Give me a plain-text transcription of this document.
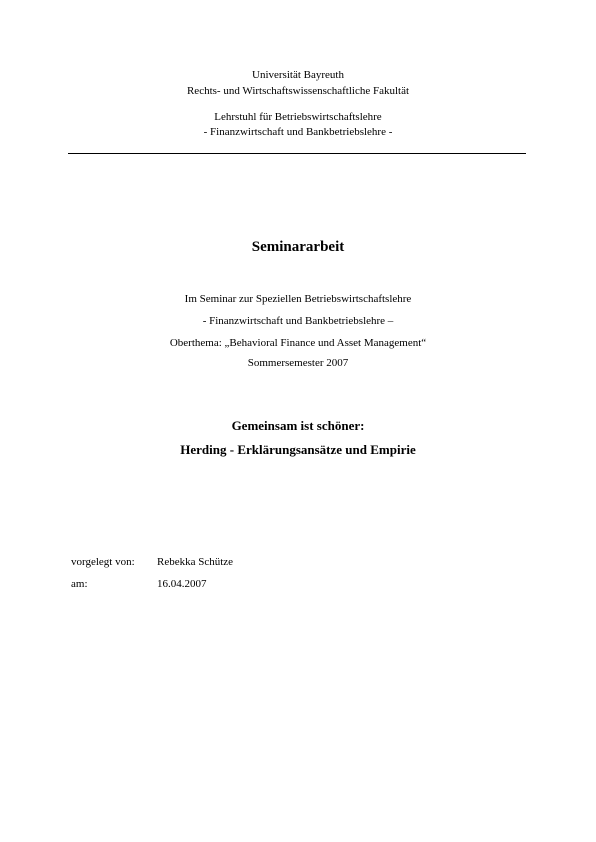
Universität Bayreuth
Rechts- und Wirtschaftswissenschaftliche Fakultät
Lehrstuhl für Betriebswirtschaftslehre
- Finanzwirtschaft und Bankbetriebslehre -
Seminararbeit
Im Seminar zur Speziellen Betriebswirtschaftslehre
- Finanzwirtschaft und Bankbetriebslehre –
Oberthema: „Behavioral Finance und Asset Management“
Sommersemester 2007
Gemeinsam ist schöner:
Herding - Erklärungsansätze und Empirie
vorgelegt von: Rebekka Schütze
am:	16.04.2007
